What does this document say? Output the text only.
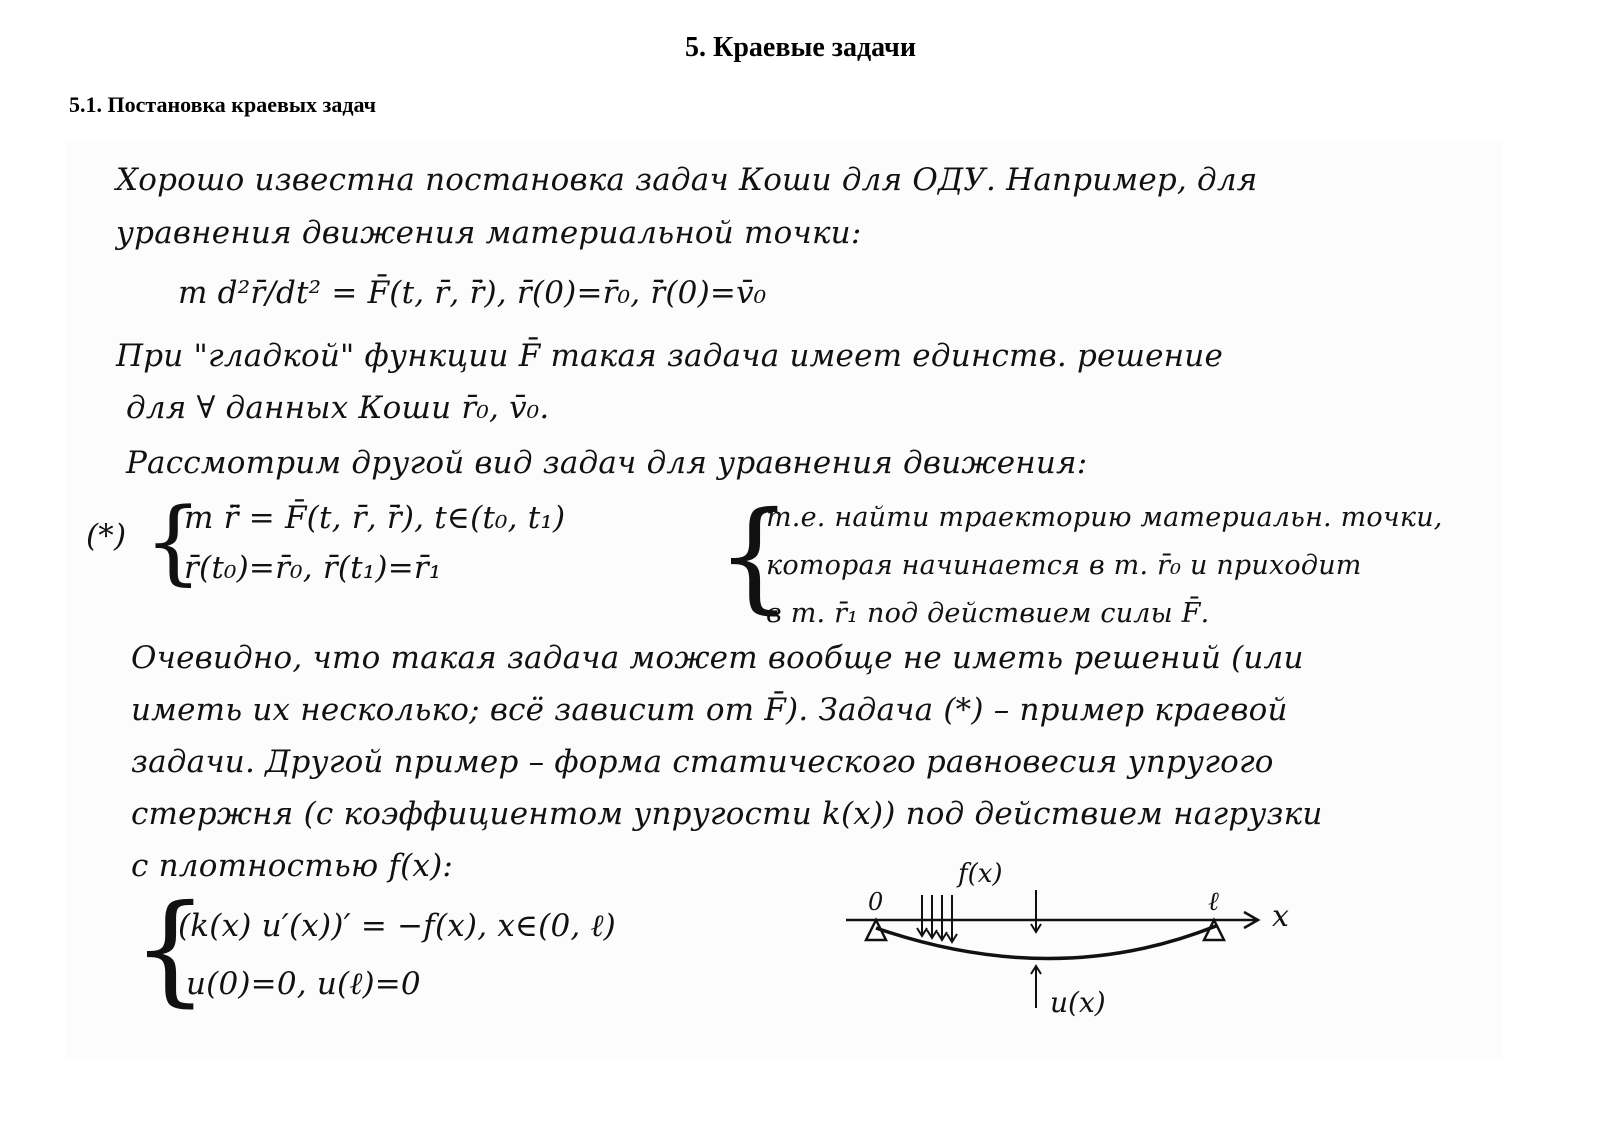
5. Краевые задачи
5.1. Постановка краевых задач
Хорошо известна постановка задач Коши для ОДУ. Например, для
уравнения движения материальной точки:
m d²r̄/dt² = F̄(t, r̄, ṙ̄), r̄(0)=r̄₀, ṙ̄(0)=v̄₀
При "гладкой" функции F̄ такая задача имеет единств. решение
для ∀ данных Коши r̄₀, v̄₀.
Рассмотрим другой вид задач для уравнения движения:
(*) {
m r̄̈ = F̄(t, r̄, ṙ̄), t∈(t₀, t₁)
r̄(t₀)=r̄₀, r̄(t₁)=r̄₁ {
т.е. найти траекторию материальн. точки,
которая начинается в т. r̄₀ и приходит
в т. r̄₁ под действием силы F̄.
Очевидно, что такая задача может вообще не иметь решений (или
иметь их несколько; всё зависит от F̄). Задача (*) – пример краевой
задачи. Другой пример – форма статического равновесия упругого
стержня (с коэффициентом упругости k(x)) под действием нагрузки
с плотностью f(x):
{
(k(x) u′(x))′ = −f(x), x∈(0, ℓ)
u(0)=0, u(ℓ)=0
f(x)
0	ℓ x
u(x)
